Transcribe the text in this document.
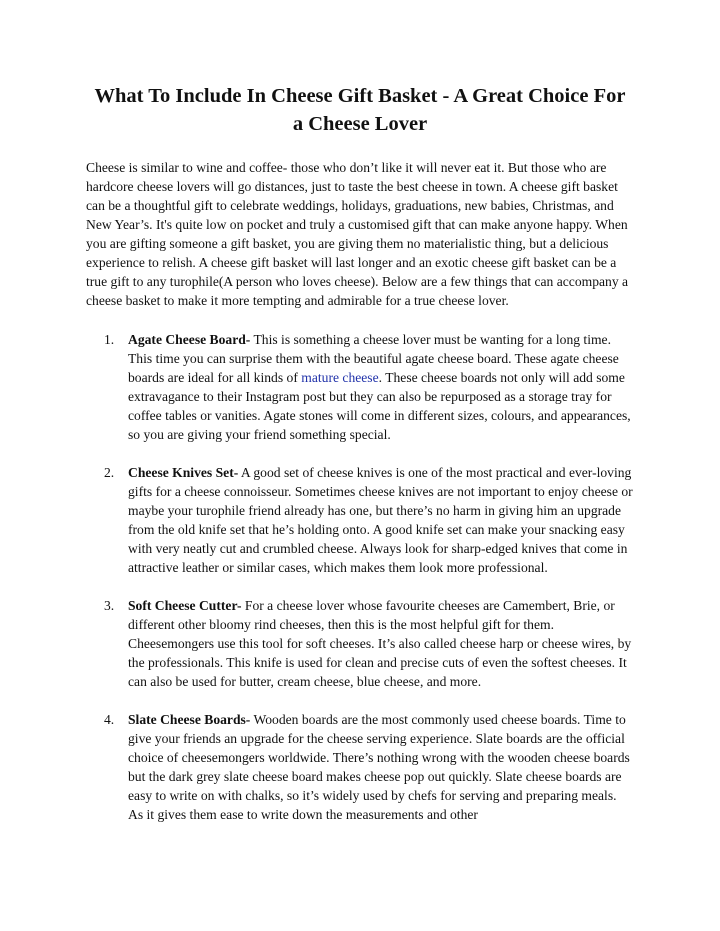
What To Include In Cheese Gift Basket - A Great Choice For a Cheese Lover

Cheese is similar to wine and coffee- those who don’t like it will never eat it. But those who are hardcore cheese lovers will go distances, just to taste the best cheese in town. A cheese gift basket can be a thoughtful gift to celebrate weddings, holidays, graduations, new babies, Christmas, and New Year’s. It's quite low on pocket and truly a customised gift that can make anyone happy. When you are gifting someone a gift basket, you are giving them no materialistic thing, but a delicious experience to relish. A cheese gift basket will last longer and an exotic cheese gift basket can be a true gift to any turophile(A person who loves cheese). Below are a few things that can accompany a cheese basket to make it more tempting and admirable for a true cheese lover.

1. Agate Cheese Board- This is something a cheese lover must be wanting for a long time. This time you can surprise them with the beautiful agate cheese board. These agate cheese boards are ideal for all kinds of mature cheese. These cheese boards not only will add some extravagance to their Instagram post but they can also be repurposed as a storage tray for coffee tables or vanities. Agate stones will come in different sizes, colours, and appearances, so you are giving your friend something special.
2. Cheese Knives Set- A good set of cheese knives is one of the most practical and ever-loving gifts for a cheese connoisseur. Sometimes cheese knives are not important to enjoy cheese or maybe your turophile friend already has one, but there’s no harm in giving him an upgrade from the old knife set that he’s holding onto. A good knife set can make your snacking easy with very neatly cut and crumbled cheese. Always look for sharp-edged knives that come in attractive leather or similar cases, which makes them look more professional.
3. Soft Cheese Cutter- For a cheese lover whose favourite cheeses are Camembert, Brie, or different other bloomy rind cheeses, then this is the most helpful gift for them. Cheesemongers use this tool for soft cheeses. It’s also called cheese harp or cheese wires, by the professionals. This knife is used for clean and precise cuts of even the softest cheeses. It can also be used for butter, cream cheese, blue cheese, and more.
4. Slate Cheese Boards- Wooden boards are the most commonly used cheese boards. Time to give your friends an upgrade for the cheese serving experience. Slate boards are the official choice of cheesemongers worldwide. There’s nothing wrong with the wooden cheese boards but the dark grey slate cheese board makes cheese pop out quickly. Slate cheese boards are easy to write on with chalks, so it’s widely used by chefs for serving and preparing meals. As it gives them ease to write down the measurements and other
